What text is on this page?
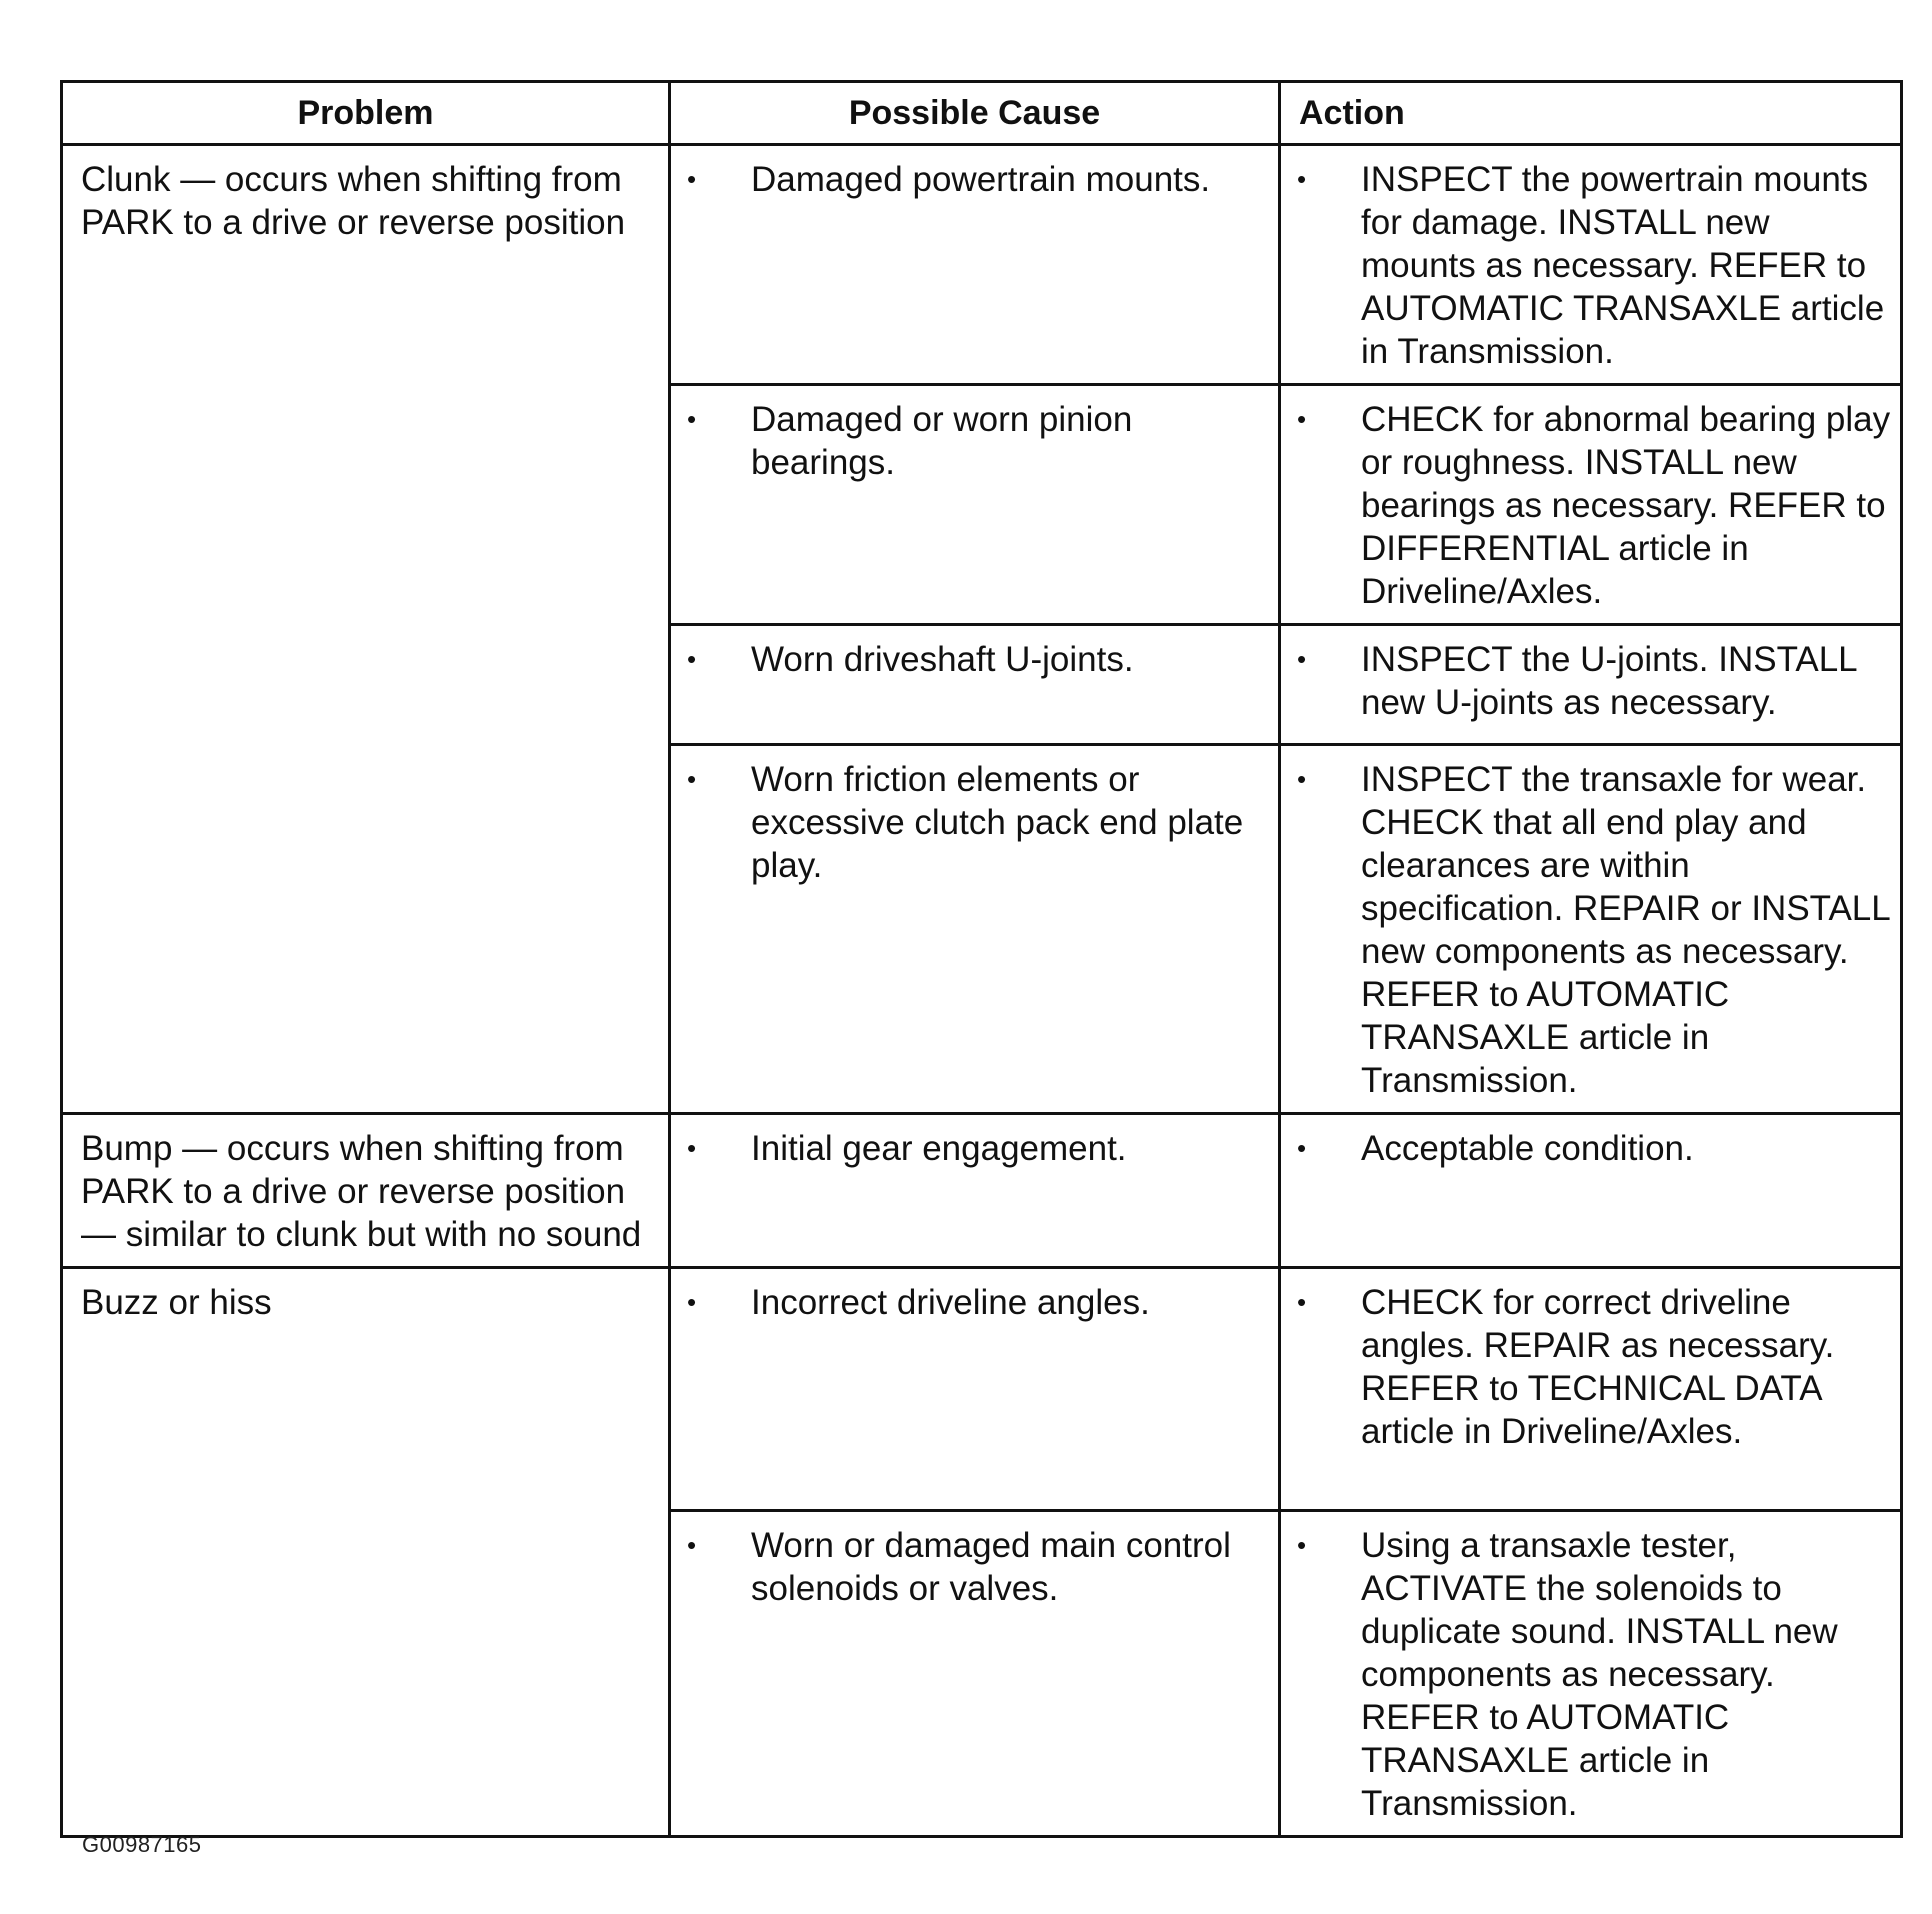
Problem	Possible Cause	Action
Clunk — occurs when shifting from PARK to a drive or reverse position	• Damaged powertrain mounts.	• INSPECT the powertrain mounts for damage. INSTALL new mounts as necessary. REFER to AUTOMATIC TRANSAXLE article in Transmission.

	• Damaged or worn pinion bearings.	• CHECK for abnormal bearing play or roughness. INSTALL new bearings as necessary. REFER to DIFFERENTIAL article in Driveline/Axles.

	• Worn driveshaft U-joints.	• INSPECT the U-joints. INSTALL new U-joints as necessary.

	• Worn friction elements or excessive clutch pack end plate play.	• INSPECT the transaxle for wear. CHECK that all end play and clearances are within specification. REPAIR or INSTALL new components as necessary. REFER to AUTOMATIC TRANSAXLE article in Transmission.

Bump — occurs when shifting from PARK to a drive or reverse position — similar to clunk but with no sound	• Initial gear engagement.	• Acceptable condition.

Buzz or hiss	• Incorrect driveline angles.	• CHECK for correct driveline angles. REPAIR as necessary. REFER to TECHNICAL DATA article in Driveline/Axles.

	• Worn or damaged main control solenoids or valves.	• Using a transaxle tester, ACTIVATE the solenoids to duplicate sound. INSTALL new components as necessary. REFER to AUTOMATIC TRANSAXLE article in Transmission.
G00987165
